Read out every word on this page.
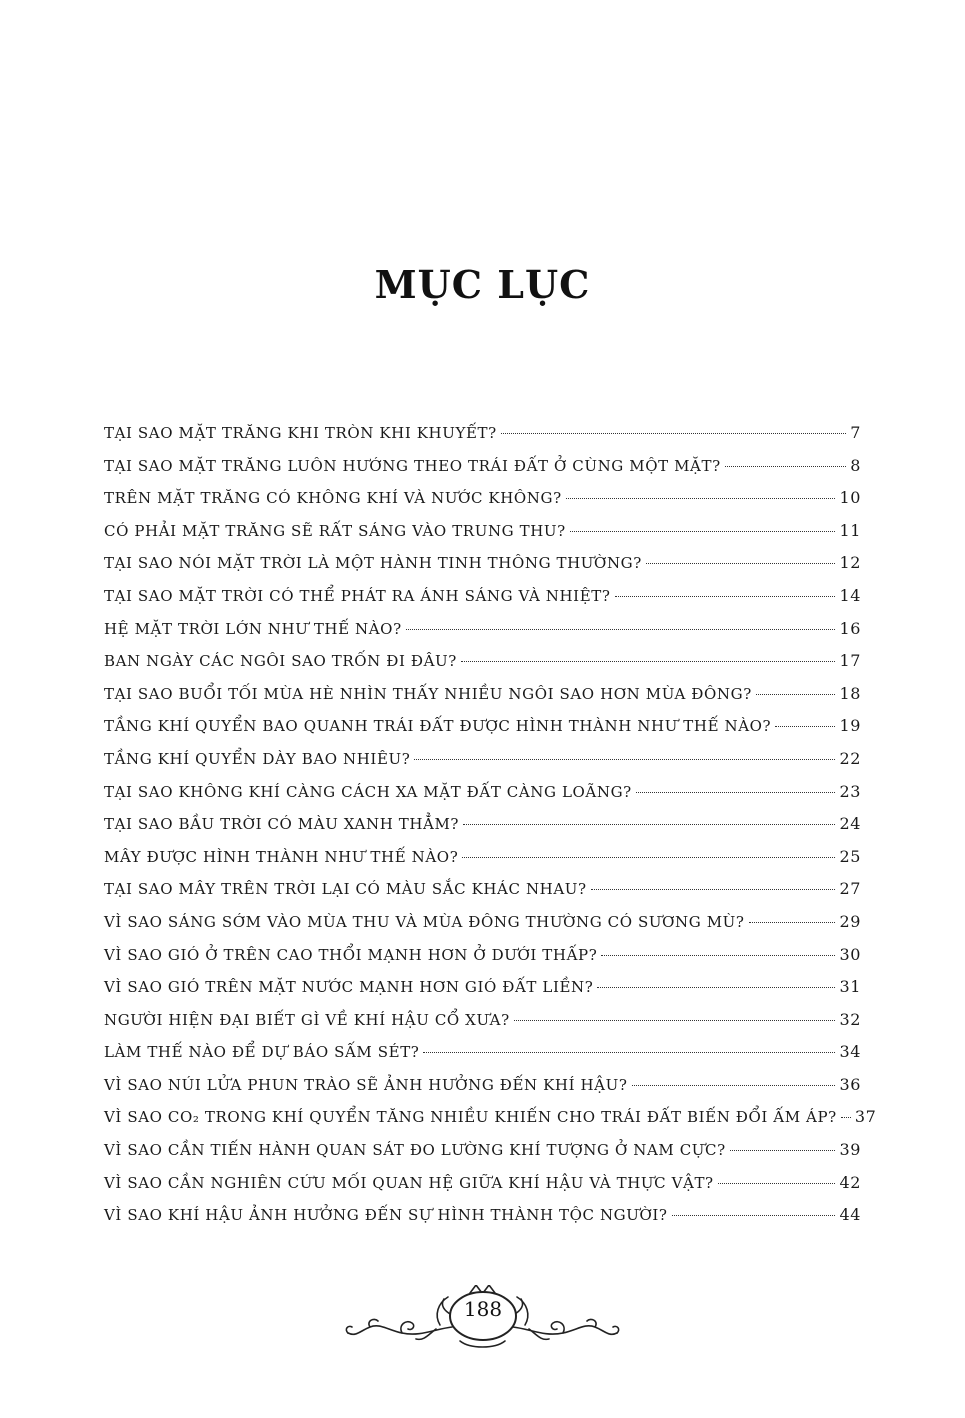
MỤC LỤC
TẠI SAO MẶT TRĂNG KHI TRÒN KHI KHUYẾT?	7
TẠI SAO MẶT TRĂNG LUÔN HƯỚNG THEO TRÁI ĐẤT Ở CÙNG MỘT MẶT?	8
TRÊN MẶT TRĂNG CÓ KHÔNG KHÍ VÀ NƯỚC KHÔNG?	10
CÓ PHẢI MẶT TRĂNG SẼ RẤT SÁNG VÀO TRUNG THU?	11
TẠI SAO NÓI MẶT TRỜI LÀ MỘT HÀNH TINH THÔNG THƯỜNG?	12
TẠI SAO MẶT TRỜI CÓ THỂ PHÁT RA ÁNH SÁNG VÀ NHIỆT?	14
HỆ MẶT TRỜI LỚN NHƯ THẾ NÀO?	16
BAN NGÀY CÁC NGÔI SAO TRỐN ĐI ĐÂU?	17
TẠI SAO BUỔI TỐI MÙA HÈ NHÌN THẤY NHIỀU NGÔI SAO HƠN MÙA ĐÔNG?	18
TẦNG KHÍ QUYỂN BAO QUANH TRÁI ĐẤT ĐƯỢC HÌNH THÀNH NHƯ THẾ NÀO?	19
TẦNG KHÍ QUYỂN DÀY BAO NHIÊU?	22
TẠI SAO KHÔNG KHÍ CÀNG CÁCH XA MẶT ĐẤT CÀNG LOÃNG?	23
TẠI SAO BẦU TRỜI CÓ MÀU XANH THẲM?	24
MÂY ĐƯỢC HÌNH THÀNH NHƯ THẾ NÀO?	25
TẠI SAO MÂY TRÊN TRỜI LẠI CÓ MÀU SẮC KHÁC NHAU?	27
VÌ SAO SÁNG SỚM VÀO MÙA THU VÀ MÙA ĐÔNG THƯỜNG CÓ SƯƠNG MÙ?	29
VÌ SAO GIÓ Ở TRÊN CAO THỔI MẠNH HƠN Ở DƯỚI THẤP?	30
VÌ SAO GIÓ TRÊN MẶT NƯỚC MẠNH HƠN GIÓ ĐẤT LIỀN?	31
NGƯỜI HIỆN ĐẠI BIẾT GÌ VỀ KHÍ HẬU CỔ XƯA?	32
LÀM THẾ NÀO ĐỂ DỰ BÁO SẤM SÉT?	34
VÌ SAO NÚI LỬA PHUN TRÀO SẼ ẢNH HƯỞNG ĐẾN KHÍ HẬU?	36
VÌ SAO CO₂ TRONG KHÍ QUYỂN TĂNG NHIỀU KHIẾN CHO TRÁI ĐẤT BIẾN ĐỔI ẤM ÁP? 37
VÌ SAO CẦN TIẾN HÀNH QUAN SÁT ĐO LƯỜNG KHÍ TƯỢNG Ở NAM CỰC?	39
VÌ SAO CẦN NGHIÊN CỨU MỐI QUAN HỆ GIỮA KHÍ HẬU VÀ THỰC VẬT?	42
VÌ SAO KHÍ HẬU ẢNH HƯỞNG ĐẾN SỰ HÌNH THÀNH TỘC NGƯỜI?	44
188
